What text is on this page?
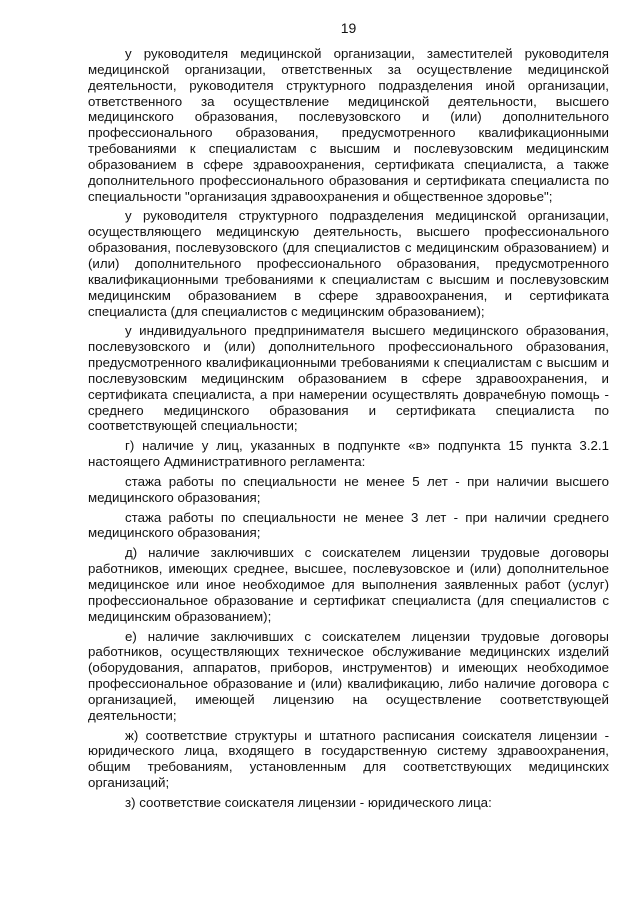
19

у руководителя медицинской организации, заместителей руководителя медицинской организации, ответственных за осуществление медицинской деятельности, руководителя структурного подразделения иной организации, ответственного за осуществление медицинской деятельности, высшего медицинского образования, послевузовского и (или) дополнительного профессионального образования, предусмотренного квалификационными требованиями к специалистам с высшим и послевузовским медицинским образованием в сфере здравоохранения, сертификата специалиста, а также дополнительного профессионального образования и сертификата специалиста по специальности "организация здравоохранения и общественное здоровье";

у руководителя структурного подразделения медицинской организации, осуществляющего медицинскую деятельность, высшего профессионального образования, послевузовского (для специалистов с медицинским образованием) и (или) дополнительного профессионального образования, предусмотренного квалификационными требованиями к специалистам с высшим и послевузовским медицинским образованием в сфере здравоохранения, и сертификата специалиста (для специалистов с медицинским образованием);

у индивидуального предпринимателя высшего медицинского образования, послевузовского и (или) дополнительного профессионального образования, предусмотренного квалификационными требованиями к специалистам с высшим и послевузовским медицинским образованием в сфере здравоохранения, и сертификата специалиста, а при намерении осуществлять доврачебную помощь - среднего медицинского образования и сертификата специалиста по соответствующей специальности;

г) наличие у лиц, указанных в подпункте «в» подпункта 15 пункта 3.2.1 настоящего Административного регламента:

стажа работы по специальности не менее 5 лет - при наличии высшего медицинского образования;

стажа работы по специальности не менее 3 лет - при наличии среднего медицинского образования;

д) наличие заключивших с соискателем лицензии трудовые договоры работников, имеющих среднее, высшее, послевузовское и (или) дополнительное медицинское или иное необходимое для выполнения заявленных работ (услуг) профессиональное образование и сертификат специалиста (для специалистов с медицинским образованием);

е) наличие заключивших с соискателем лицензии трудовые договоры работников, осуществляющих техническое обслуживание медицинских изделий (оборудования, аппаратов, приборов, инструментов) и имеющих необходимое профессиональное образование и (или) квалификацию, либо наличие договора с организацией, имеющей лицензию на осуществление соответствующей деятельности;

ж) соответствие структуры и штатного расписания соискателя лицензии - юридического лица, входящего в государственную систему здравоохранения, общим требованиям, установленным для соответствующих медицинских организаций;

з) соответствие соискателя лицензии - юридического лица:
